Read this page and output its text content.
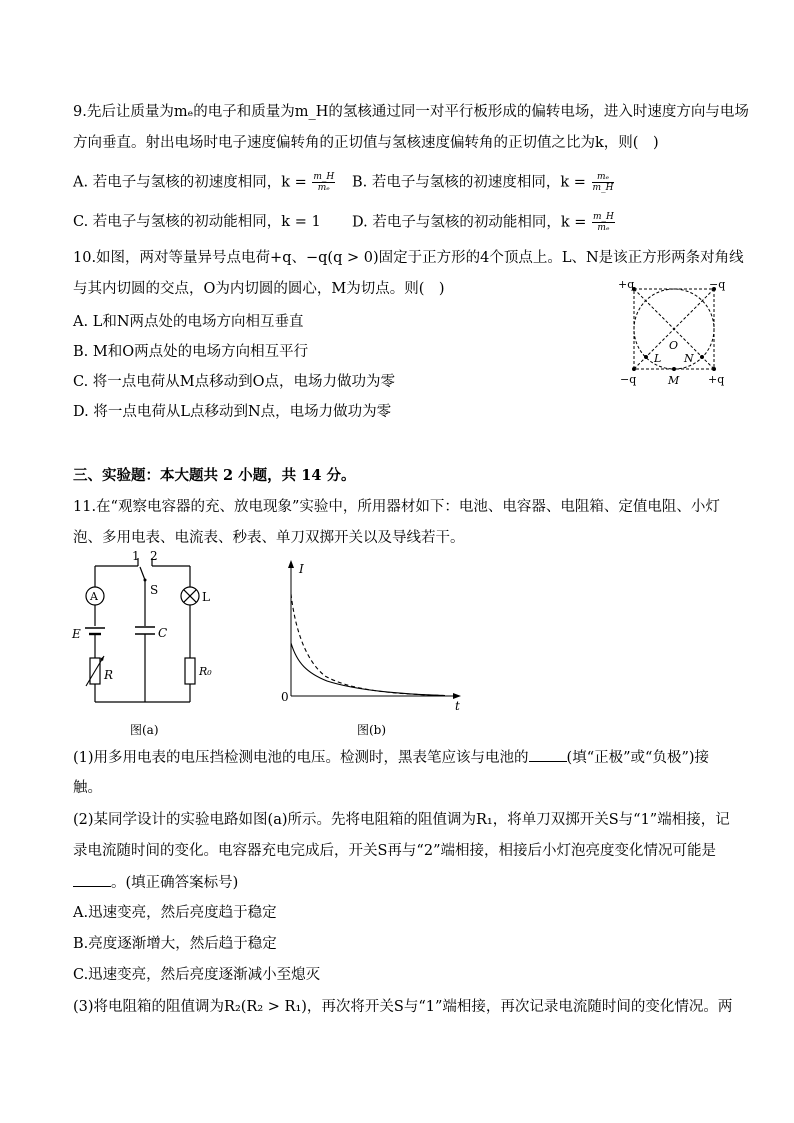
9.先后让质量为mₑ的电子和质量为m_H的氢核通过同一对平行板形成的偏转电场，进入时速度方向与电场
方向垂直。射出电场时电子速度偏转角的正切值与氢核速度偏转角的正切值之比为k，则(　)
A. 若电子与氢核的初速度相同，$k = \frac{m\_H}{\text{mₑ}} B$. 若电子与氢核的初速度相同，$k = \frac{\text{mₑ}}{m\_H}$
C. 若电子与氢核的初动能相同，k = 1 D. 若电子与氢核的初动能相同，$k = \frac{m\_H}{\text{mₑ}}$
10.如图，两对等量异号点电荷+q、−q(q > 0)固定于正方形的4个顶点上。L、N是该正方形两条对角线
与其内切圆的交点，O为内切圆的圆心，M为切点。则(　)
A. L和N两点处的电场方向相互垂直
B. M和O两点处的电场方向相互平行
C. 将一点电荷从M点移动到O点，电场力做功为零
D. 将一点电荷从L点移动到N点，电场力做功为零
+q	−q
−q	+q
O
L N
M
三、实验题：本大题共 2 小题，共 14 分。
11.在“观察电容器的充、放电现象”实验中，所用器材如下：电池、电容器、电阻箱、定值电阻、小灯
泡、多用电表、电流表、秒表、单刀双掷开关以及导线若干。
1 2
S
A	L
E	C
R	R₀
图(a)
I
t
0
图(b)
(1)用多用电表的电压挡检测电池的电压。检测时，黑表笔应该与电池的	(填“正极”或“负极”)接
触。
(2)某同学设计的实验电路如图(a)所示。先将电阻箱的阻值调为R₁，将单刀双掷开关S与“1”端相接，记
录电流随时间的变化。电容器充电完成后，开关S再与“2”端相接，相接后小灯泡亮度变化情况可能是
。(填正确答案标号)
A.迅速变亮，然后亮度趋于稳定
B.亮度逐渐增大，然后趋于稳定
C.迅速变亮，然后亮度逐渐减小至熄灭
(3)将电阻箱的阻值调为R₂(R₂ > R₁)，再次将开关S与“1”端相接，再次记录电流随时间的变化情况。两
